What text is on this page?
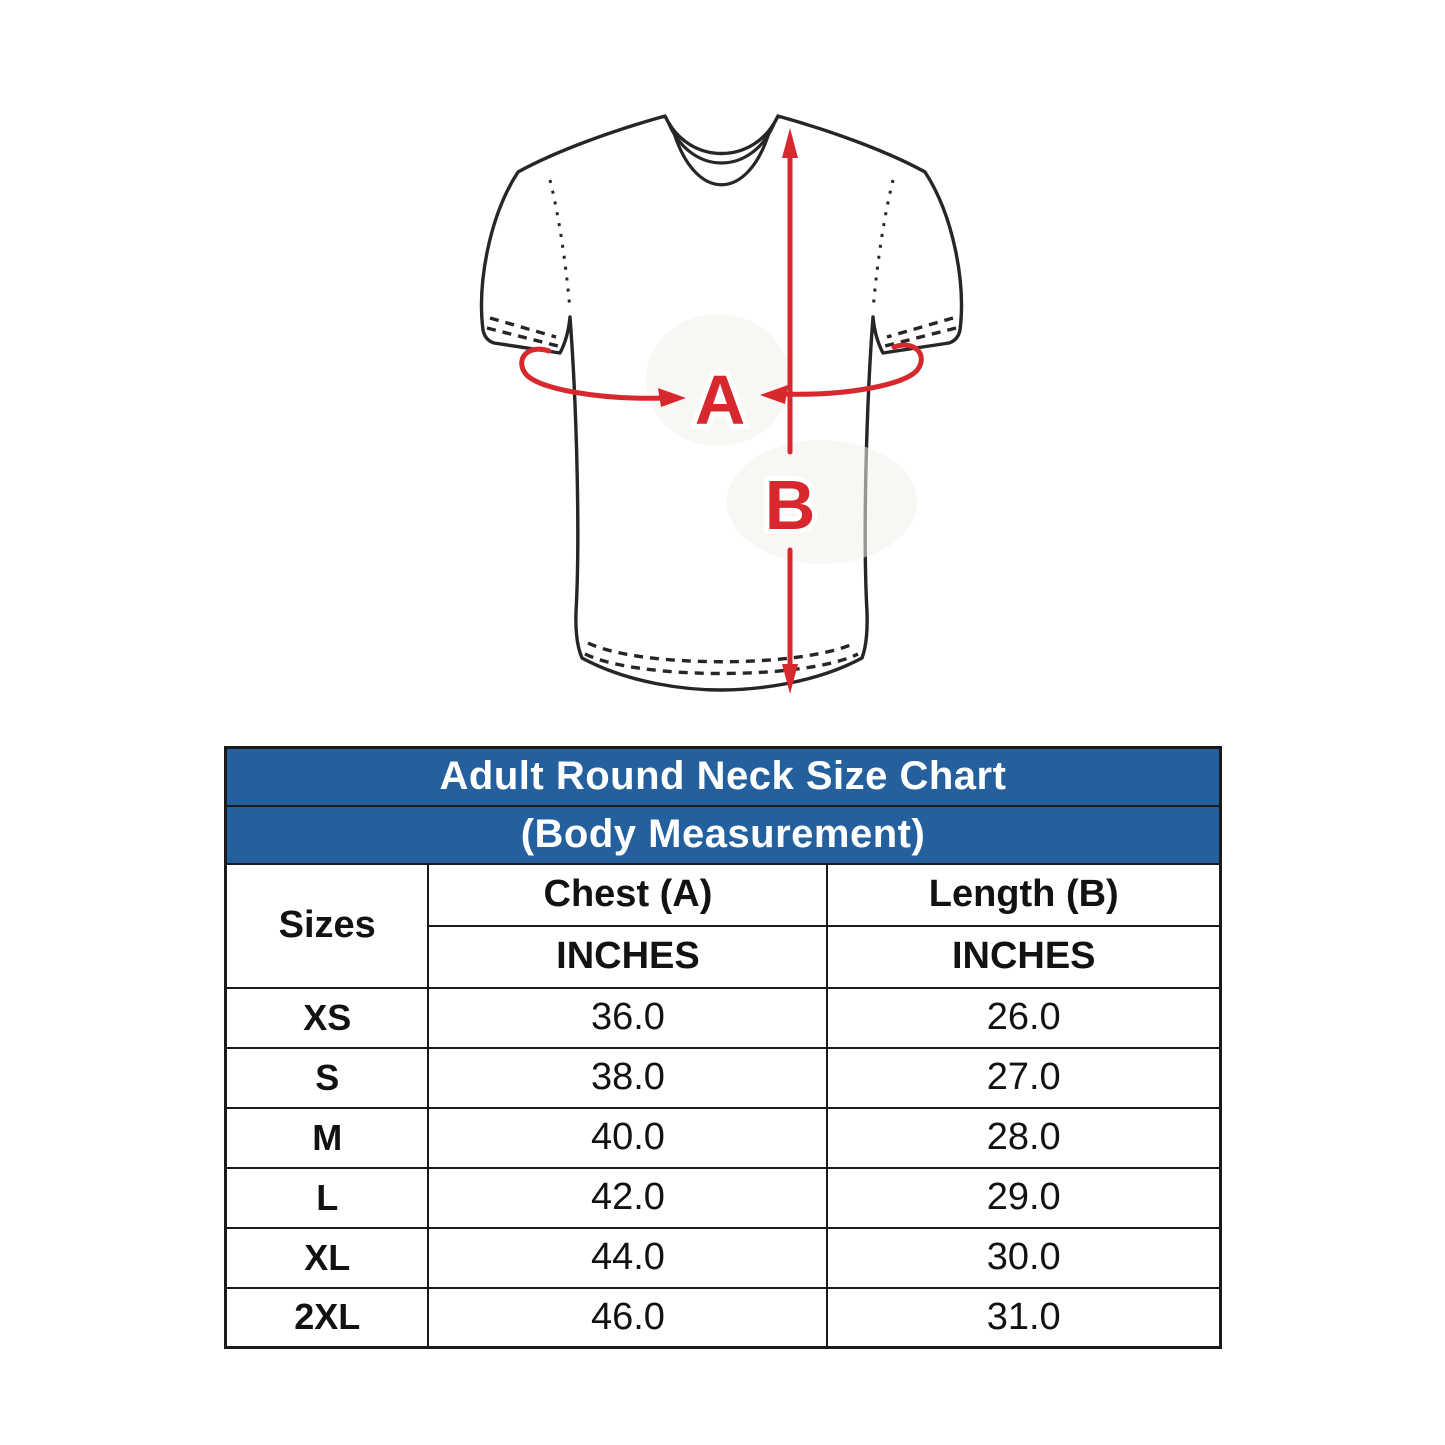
A
B
Adult Round Neck Size Chart		
(Body Measurement)		
Sizes	Chest (A)	Length (B)
	INCHES	INCHES
XS	36.0	26.0
S	38.0	27.0
M	40.0	28.0
L	42.0	29.0
XL	44.0	30.0
2XL	46.0	31.0
